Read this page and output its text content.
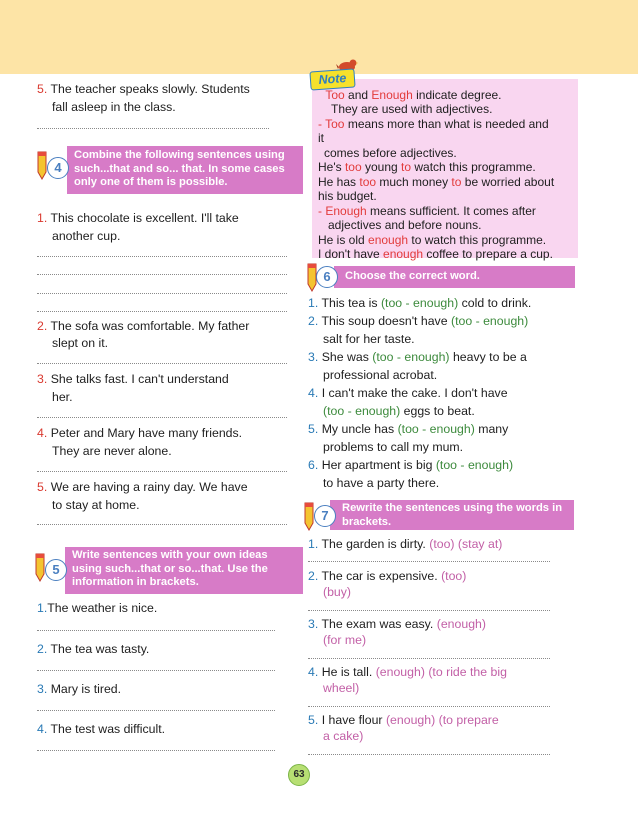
5. The teacher speaks slowly. Students
fall asleep in the class.
Combine the following sentences using
such...that and so... that. In some cases
only one of them is possible.
4
1. This chocolate is excellent. I'll take
another cup.
2. The sofa was comfortable. My father
slept on it.
3. She talks fast. I can't understand
her.
4. Peter and Mary have many friends.
They are never alone.
5. We are having a rainy day. We have
to stay at home.
Write sentences with your own ideas
using such...that or so...that. Use the
information in brackets.
5
1.The weather is nice.
2. The tea was tasty.
3. Mary is tired.
4. The test was difficult.
Note
Too and Enough indicate degree.
They are used with adjectives.
- Too means more than what is needed and
it
comes before adjectives.
He's too young to watch this programme.
He has too much money to be worried about
his budget.
- Enough means sufficient. It comes after
adjectives and before nouns.
He is old enough to watch this programme.
I don't have enough coffee to prepare a cup.
Choose the correct word.
6
1. This tea is (too - enough) cold to drink.
2. This soup doesn't have (too - enough)
salt for her taste.
3. She was (too - enough) heavy to be a
professional acrobat.
4. I can't make the cake. I don't have
(too - enough) eggs to beat.
5. My uncle has (too - enough) many
problems to call my mum.
6. Her apartment is big (too - enough)
to have a party there.
Rewrite the sentences using the words in
brackets.
7
1. The garden is dirty. (too) (stay at)
2. The car is expensive. (too)
(buy)
3. The exam was easy. (enough)
(for me)
4. He is tall. (enough) (to ride the big
wheel)
5. I have flour (enough) (to prepare
a cake)
63
